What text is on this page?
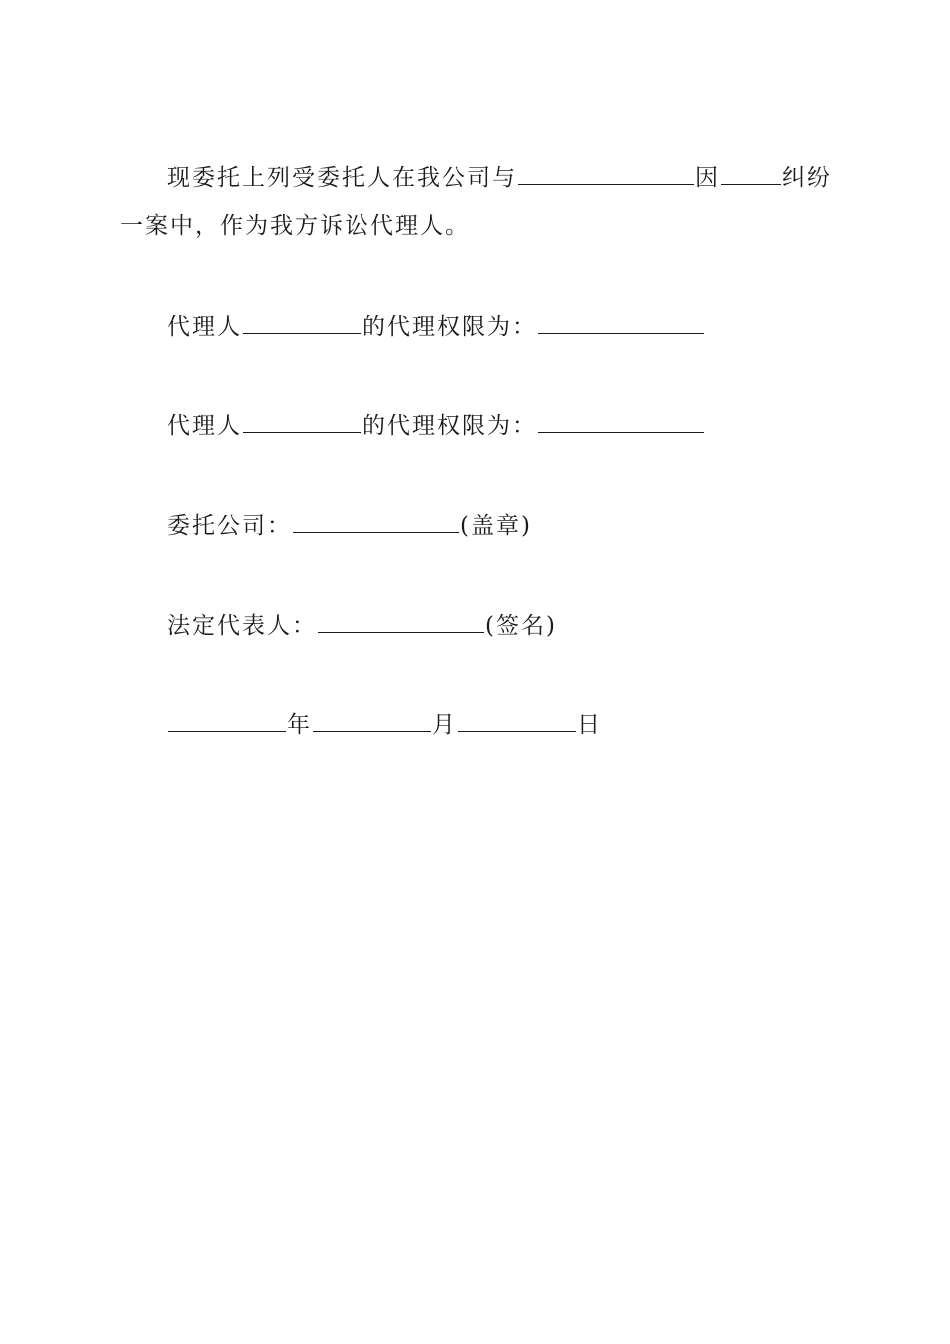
现委托上列受委托人在我公司与	因	纠纷
一案中，作为我方诉讼代理人。
代理人	的代理权限为：
代理人	的代理权限为：
委托公司：	(盖章)
法定代表人：	(签名)
年	月	日
